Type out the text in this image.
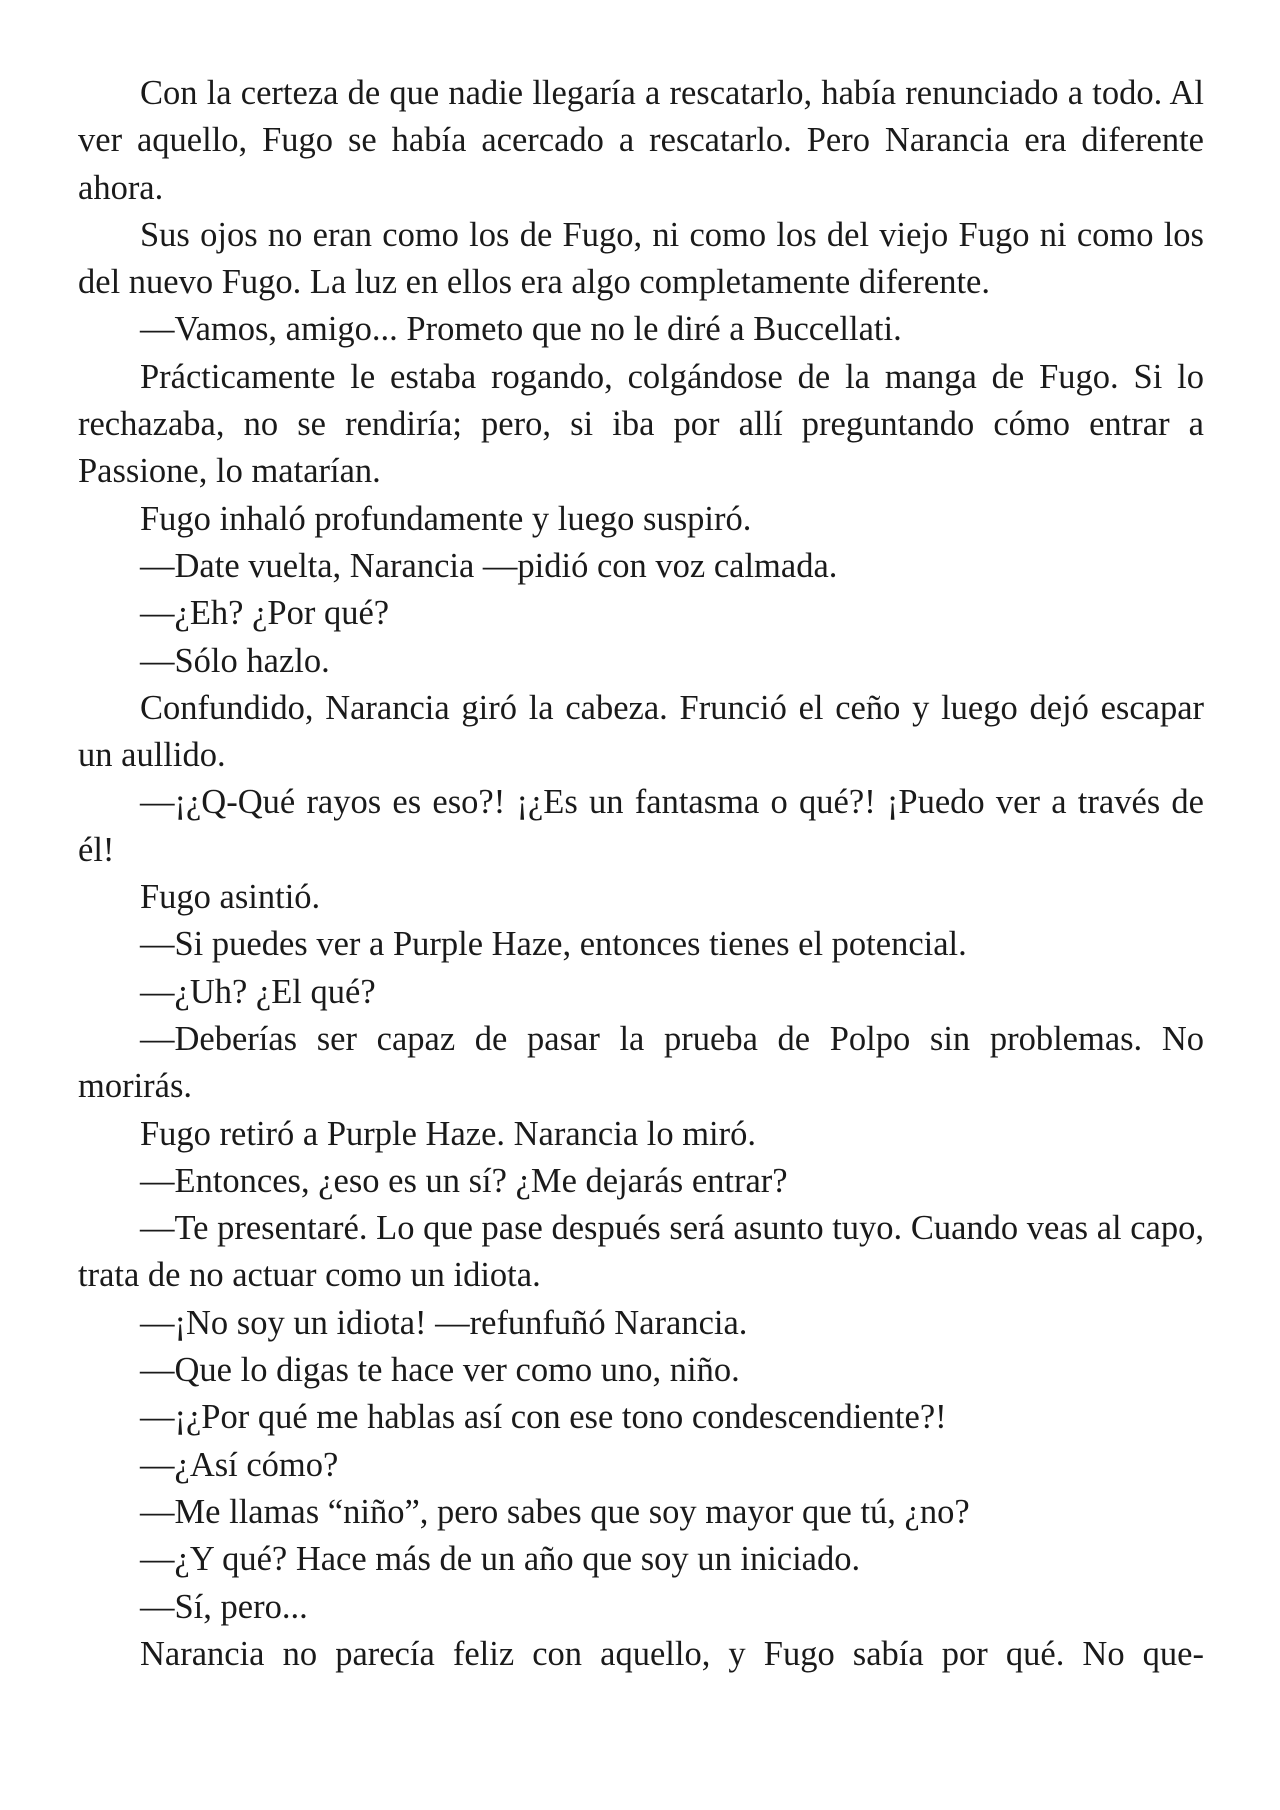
Con la certeza de que nadie llegaría a rescatarlo, había renunciado a todo. Al ver aquello, Fugo se había acercado a rescatarlo. Pero Narancia era diferente ahora.

Sus ojos no eran como los de Fugo, ni como los del viejo Fugo ni como los del nuevo Fugo. La luz en ellos era algo completamente diferente.

—Vamos, amigo... Prometo que no le diré a Buccellati.

Prácticamente le estaba rogando, colgándose de la manga de Fugo. Si lo rechazaba, no se rendiría; pero, si iba por allí preguntando cómo entrar a Passione, lo matarían.

Fugo inhaló profundamente y luego suspiró.

—Date vuelta, Narancia —pidió con voz calmada.

—¿Eh? ¿Por qué?

—Sólo hazlo.

Confundido, Narancia giró la cabeza. Frunció el ceño y luego dejó escapar un aullido.

—¡¿Q-Qué rayos es eso?! ¡¿Es un fantasma o qué?! ¡Puedo ver a través de él!

Fugo asintió.

—Si puedes ver a Purple Haze, entonces tienes el potencial.

—¿Uh? ¿El qué?

—Deberías ser capaz de pasar la prueba de Polpo sin problemas. No morirás.

Fugo retiró a Purple Haze. Narancia lo miró.

—Entonces, ¿eso es un sí? ¿Me dejarás entrar?

—Te presentaré. Lo que pase después será asunto tuyo. Cuando veas al capo, trata de no actuar como un idiota.

—¡No soy un idiota! —refunfuñó Narancia.

—Que lo digas te hace ver como uno, niño.

—¡¿Por qué me hablas así con ese tono condescendiente?!

—¿Así cómo?

—Me llamas “niño”, pero sabes que soy mayor que tú, ¿no?

—¿Y qué? Hace más de un año que soy un iniciado.

—Sí, pero...

Narancia no parecía feliz con aquello, y Fugo sabía por qué. No que-
